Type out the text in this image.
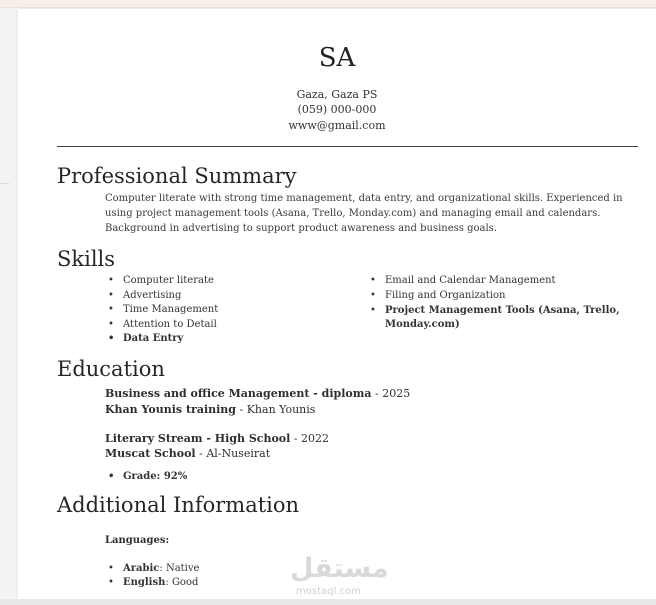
SA
Gaza, Gaza PS
(059) 000-000
www@gmail.com
Professional Summary
Computer literate with strong time management, data entry, and organizational skills. Experienced in using project management tools (Asana, Trello, Monday.com) and managing email and calendars. Background in advertising to support product awareness and business goals.
Skills
• Computer literate
• Advertising
• Time Management
• Attention to Detail
• Data Entry
• Email and Calendar Management
• Filing and Organization
• Project Management Tools (Asana, Trello, Monday.com)
Education
Business and office Management - diploma - 2025
Khan Younis training - Khan Younis
Literary Stream - High School - 2022
Muscat School - Al-Nuseirat
• Grade: 92%
Additional Information
Languages:
• Arabic: Native
• English: Good	مستقل
mostaql.com
